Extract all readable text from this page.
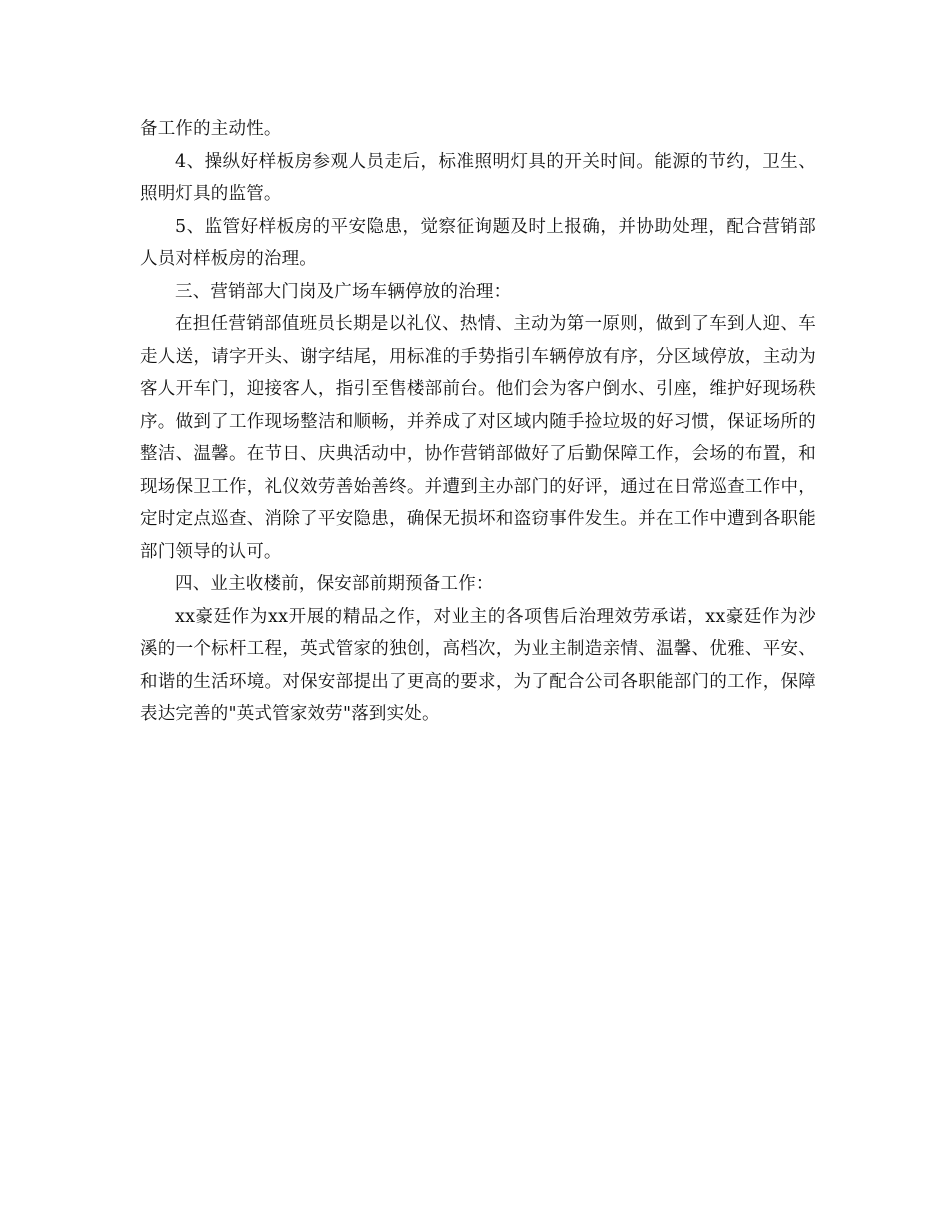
备工作的主动性。

4、操纵好样板房参观人员走后，标准照明灯具的开关时间。能源的节约，卫生、照明灯具的监管。

5、监管好样板房的平安隐患，觉察征询题及时上报确，并协助处理，配合营销部人员对样板房的治理。

三、营销部大门岗及广场车辆停放的治理：

在担任营销部值班员长期是以礼仪、热情、主动为第一原则，做到了车到人迎、车走人送，请字开头、谢字结尾，用标准的手势指引车辆停放有序，分区域停放，主动为客人开车门，迎接客人，指引至售楼部前台。他们会为客户倒水、引座，维护好现场秩序。做到了工作现场整洁和顺畅，并养成了对区域内随手捡垃圾的好习惯，保证场所的整洁、温馨。在节日、庆典活动中，协作营销部做好了后勤保障工作，会场的布置，和现场保卫工作，礼仪效劳善始善终。并遭到主办部门的好评，通过在日常巡查工作中，定时定点巡查、消除了平安隐患，确保无损坏和盗窃事件发生。并在工作中遭到各职能部门领导的认可。

四、业主收楼前，保安部前期预备工作：

xx豪廷作为xx开展的精品之作，对业主的各项售后治理效劳承诺，xx豪廷作为沙溪的一个标杆工程，英式管家的独创，高档次，为业主制造亲情、温馨、优雅、平安、和谐的生活环境。对保安部提出了更高的要求，为了配合公司各职能部门的工作，保障表达完善的"英式管家效劳"落到实处。
